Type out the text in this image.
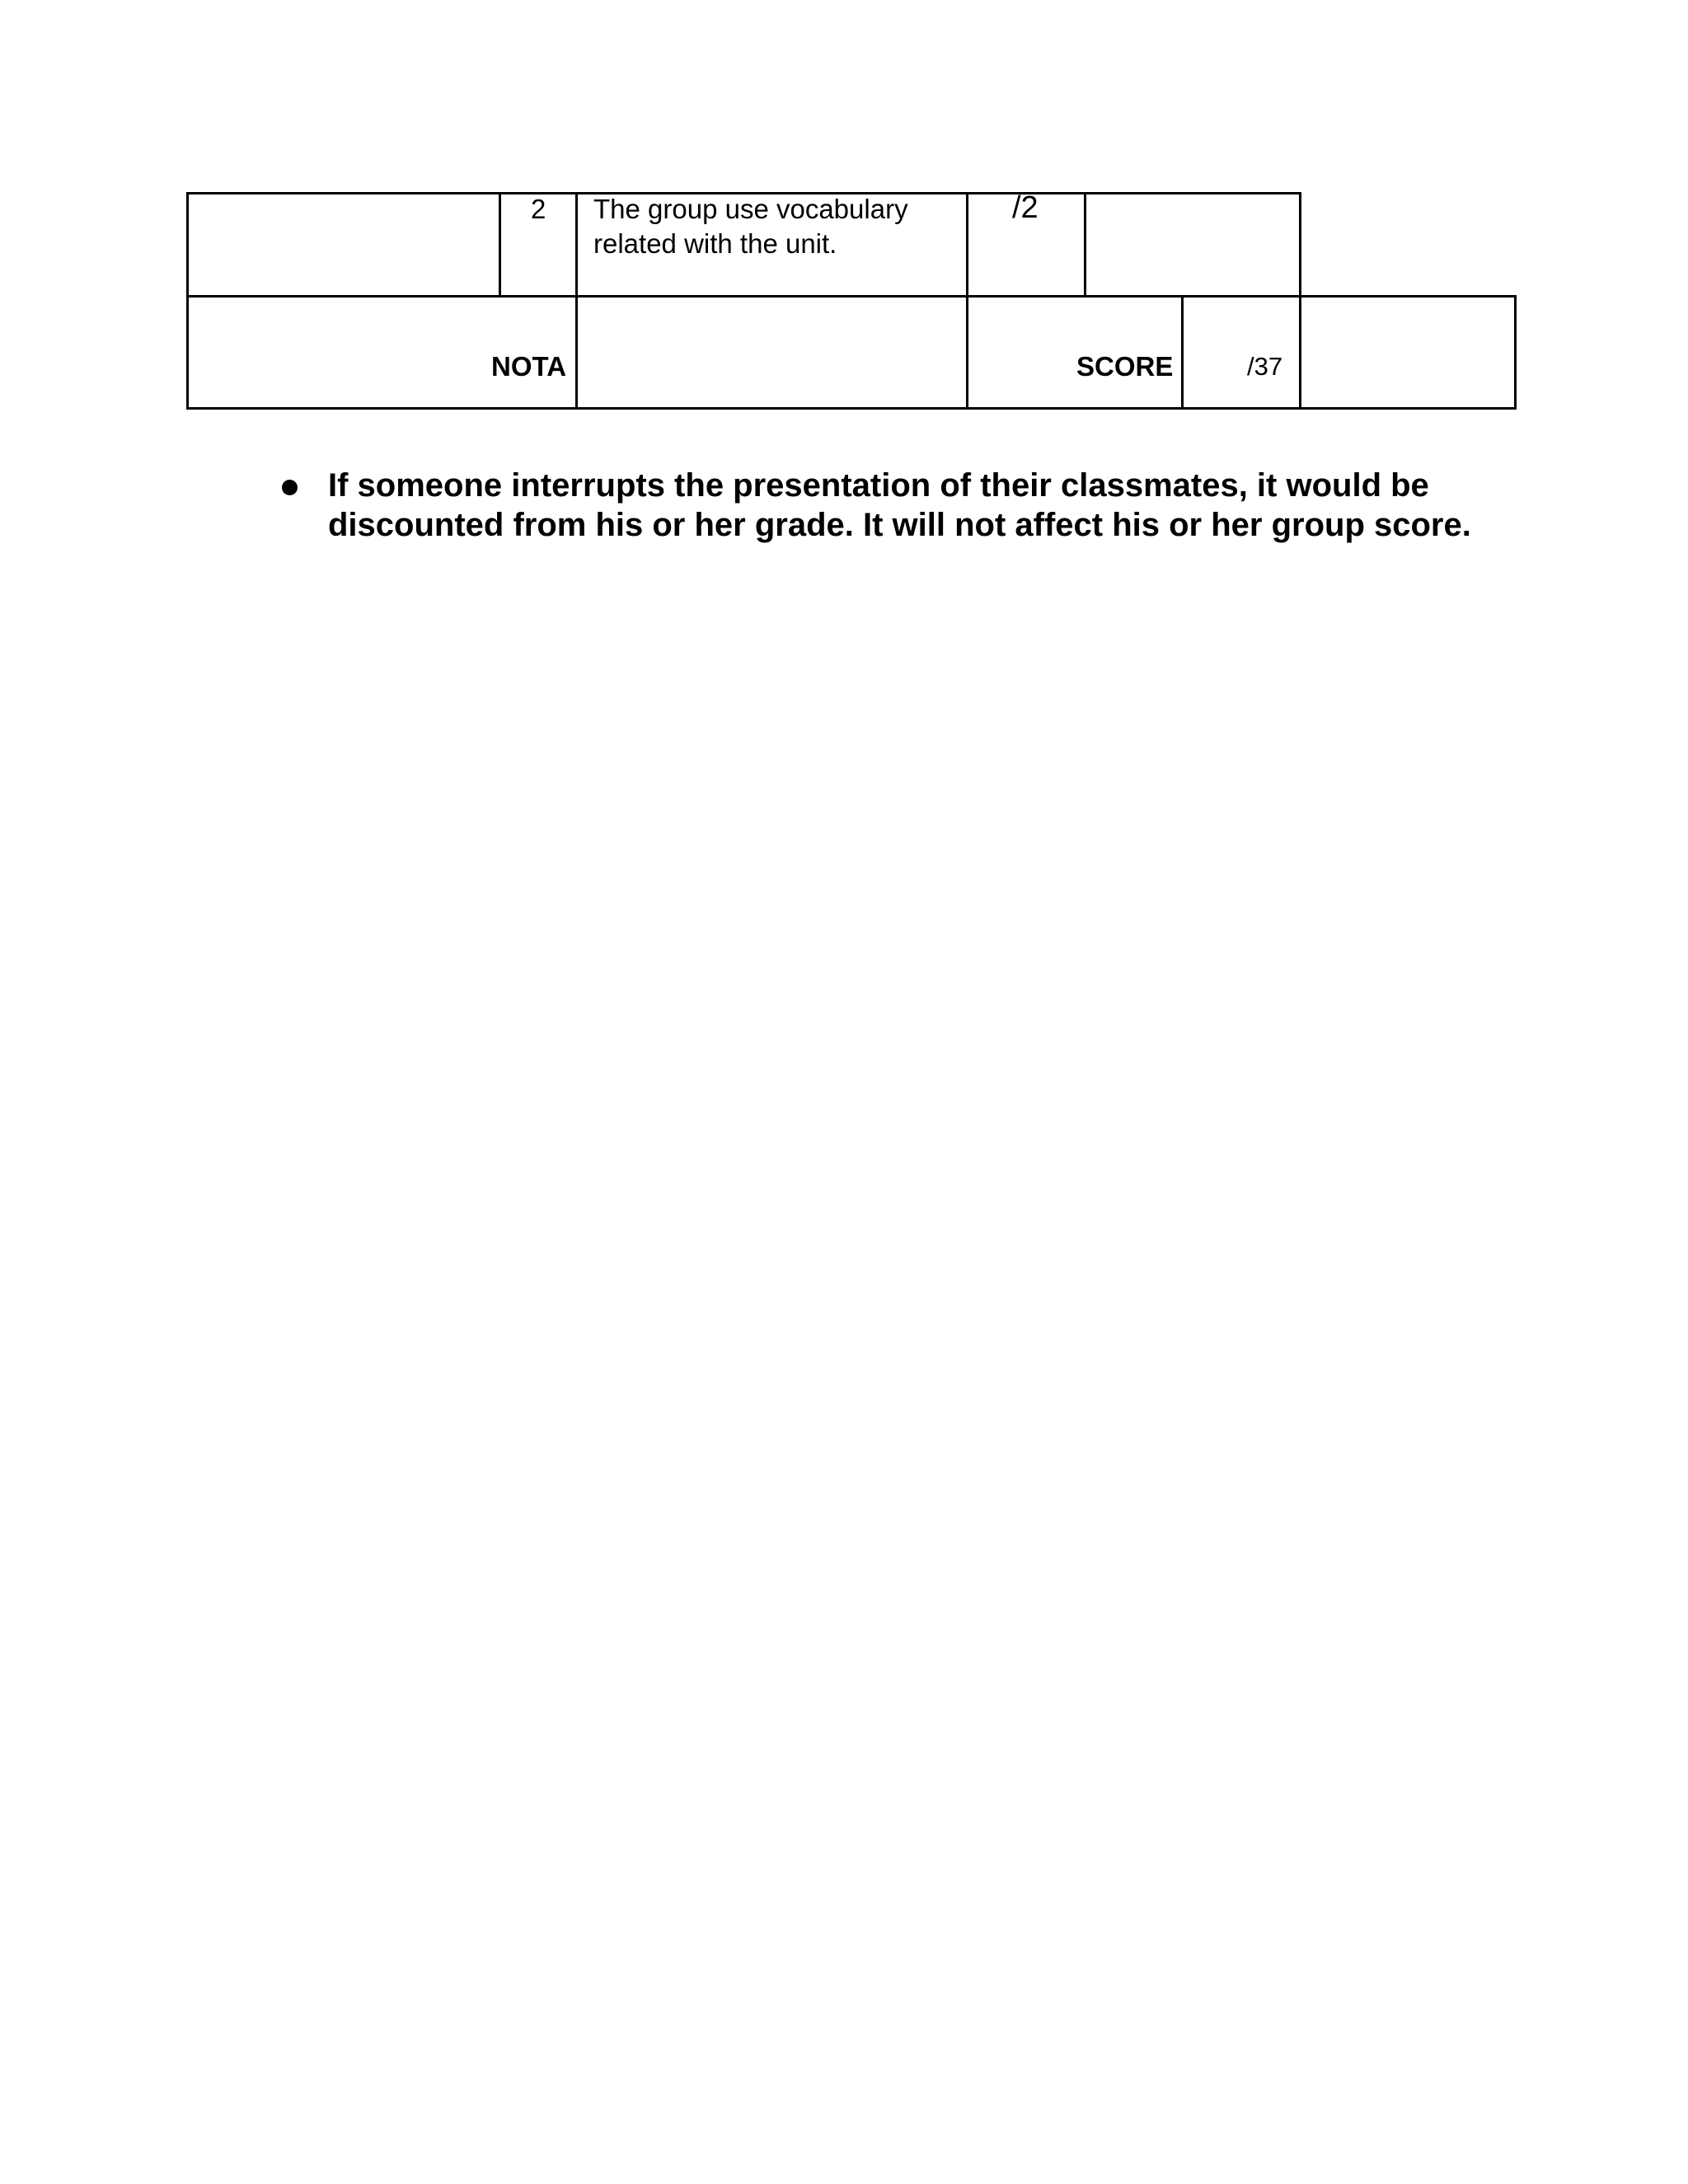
2 The group use vocabulary
related with the unit.
/2
NOTA	SCORE	/37

If someone interrupts the presentation of their classmates, it would be discounted from his or her grade. It will not affect his or her group score.
